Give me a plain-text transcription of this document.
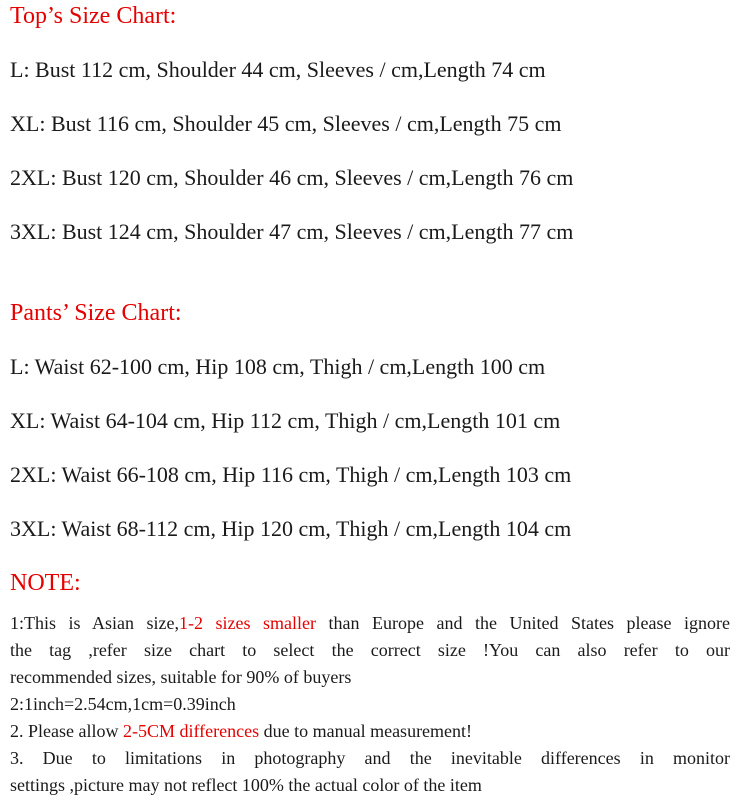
Top’s Size Chart:
L: Bust 112 cm, Shoulder 44 cm, Sleeves / cm,Length 74 cm
XL: Bust 116 cm, Shoulder 45 cm, Sleeves / cm,Length 75 cm
2XL: Bust 120 cm, Shoulder 46 cm, Sleeves / cm,Length 76 cm
3XL: Bust 124 cm, Shoulder 47 cm, Sleeves / cm,Length 77 cm
Pants’ Size Chart:
L: Waist 62-100 cm, Hip 108 cm, Thigh / cm,Length 100 cm
XL: Waist 64-104 cm, Hip 112 cm, Thigh / cm,Length 101 cm
2XL: Waist 66-108 cm, Hip 116 cm, Thigh / cm,Length 103 cm
3XL: Waist 68-112 cm, Hip 120 cm, Thigh / cm,Length 104 cm
NOTE:
1:This is Asian size,1-2 sizes smaller than Europe and the United States please ignore
the tag ,refer size chart to select the correct size !You can also refer to our
recommended sizes, suitable for 90% of buyers
2:1inch=2.54cm,1cm=0.39inch
2. Please allow 2-5CM differences due to manual measurement!
3. Due to limitations in photography and the inevitable differences in monitor
settings ,picture may not reflect 100% the actual color of the item
